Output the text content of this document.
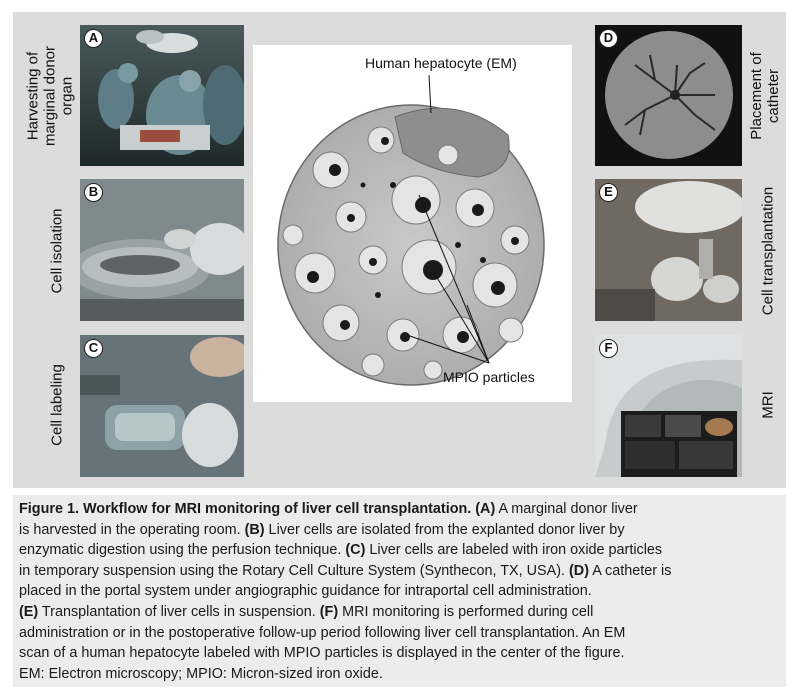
A
B
C
Harvesting of
marginal donor
organ
Cell isolation
Cell labeling
Human hepatocyte (EM)
MPIO particles
D
E
F
Placement of
catheter
Cell transplantation
MRI
Figure 1. Workflow for MRI monitoring of liver cell transplantation. (A) A marginal donor liver
is harvested in the operating room. (B) Liver cells are isolated from the explanted donor liver by
enzymatic digestion using the perfusion technique. (C) Liver cells are labeled with iron oxide particles
in temporary suspension using the Rotary Cell Culture System (Synthecon, TX, USA). (D) A catheter is
placed in the portal system under angiographic guidance for intraportal cell administration.
(E) Transplantation of liver cells in suspension. (F) MRI monitoring is performed during cell
administration or in the postoperative follow-up period following liver cell transplantation. An EM
scan of a human hepatocyte labeled with MPIO particles is displayed in the center of the figure.
EM: Electron microscopy; MPIO: Micron-sized iron oxide.
